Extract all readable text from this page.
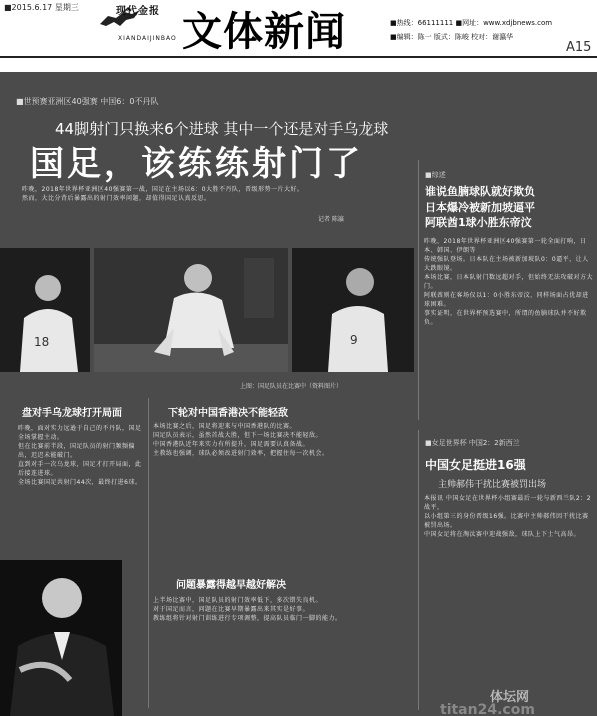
■2015.6.17 星期三	现代金报
XIANDAIJINBAO 文体新闻	■热线：66111111 ■网址：www.xdjbnews.com
■编辑：陈一 版式：陈峻 校对：谢瀛华
A15
■世预赛亚洲区40强赛 中国6：0不丹队
44脚射门只换来6个进球 其中一个还是对手乌龙球
国足，该练练射门了
昨晚，2018年世界杯亚洲区40强赛第一战，国足在主场以6：0大胜不丹队，晋级形势一片大好。
然而，大比分背后暴露出的射门效率问题，却值得国足认真反思。
记者 陈瀛
■综述
谁说鱼腩球队就好欺负
日本爆冷被新加坡逼平
阿联酋1球小胜东帝汶
昨晚，2018年世界杯亚洲区40强赛第一轮全面打响，日本、韩国、伊朗等
传统强队登场。日本队在主场被新加坡队0：0逼平，让人大跌眼镜。
本场比赛，日本队射门数远超对手，但始终无法攻破对方大门。
阿联酋则在客场仅以1：0小胜东帝汶，同样场面占优却进球困难。
事实证明，在世界杯预选赛中，所谓的鱼腩球队并不好欺负。
18	9
上图：国足队员在比赛中（资料图片）
盘对手乌龙球打开局面
昨晚，面对实力远逊于自己的不丹队，国足全场掌握主动。
但在比赛前半段，国足队员的射门频频偏出，迟迟未能破门。
直到对手一次乌龙球，国足才打开局面，此后接连进球。
全场比赛国足共射门44次，最终打进6球。
下轮对中国香港决不能轻敌
本场比赛之后，国足将迎来与中国香港队的比赛。
国足队员表示，虽然首战大胜，但下一场比赛决不能轻敌。
中国香港队近年来实力有所提升，国足需要认真备战。
主教练也强调，球队必须改进射门效率，把握住每一次机会。
问题暴露得越早越好解决
上半场比赛中，国足队员的射门效率低下，多次错失良机。
对于国足而言，问题在比赛早期暴露出来其实是好事。
教练组将针对射门训练进行专项调整，提高队员临门一脚的能力。
■女足世界杯 中国2：2新西兰
中国女足挺进16强
主帅郝伟干扰比赛被罚出场
本报讯 中国女足在世界杯小组赛最后一轮与新西兰队2：2战平，
以小组第三的身份晋级16强。比赛中主帅郝伟因干扰比赛被罚出场。
中国女足将在淘汰赛中迎战强敌，球队上下士气高昂。
体坛网
titan24.com
